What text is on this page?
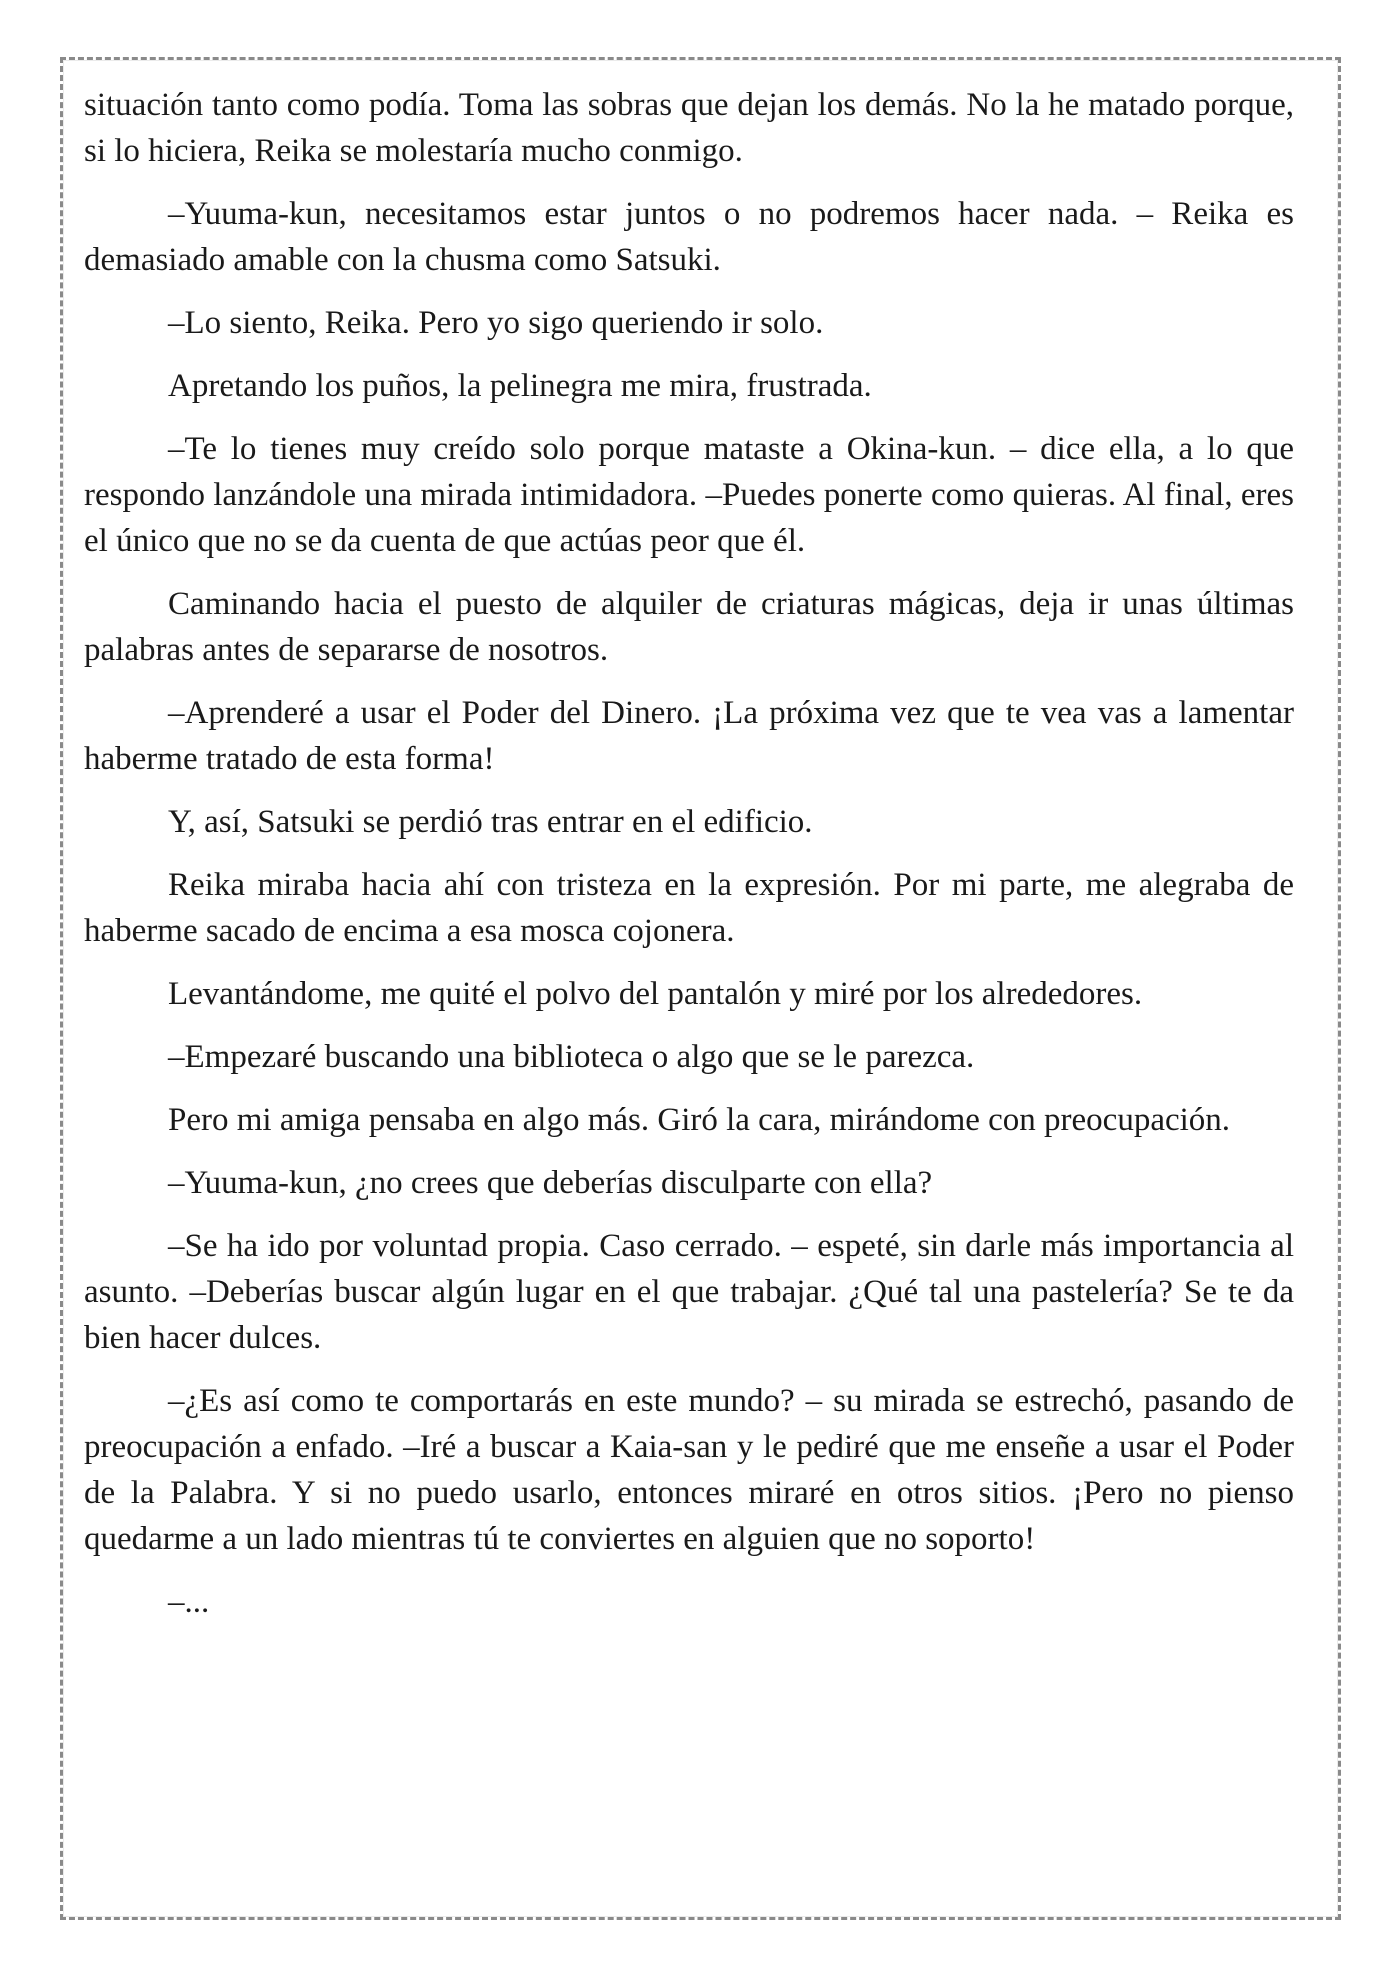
situación tanto como podía. Toma las sobras que dejan los demás. No la he matado porque, si lo hiciera, Reika se molestaría mucho conmigo.

–Yuuma-kun, necesitamos estar juntos o no podremos hacer nada. – Reika es demasiado amable con la chusma como Satsuki.

–Lo siento, Reika. Pero yo sigo queriendo ir solo.

Apretando los puños, la pelinegra me mira, frustrada.

–Te lo tienes muy creído solo porque mataste a Okina-kun. – dice ella, a lo que respondo lanzándole una mirada intimidadora. –Puedes ponerte como quieras. Al final, eres el único que no se da cuenta de que actúas peor que él.

Caminando hacia el puesto de alquiler de criaturas mágicas, deja ir unas últimas palabras antes de separarse de nosotros.

–Aprenderé a usar el Poder del Dinero. ¡La próxima vez que te vea vas a lamentar haberme tratado de esta forma!

Y, así, Satsuki se perdió tras entrar en el edificio.

Reika miraba hacia ahí con tristeza en la expresión. Por mi parte, me alegraba de haberme sacado de encima a esa mosca cojonera.

Levantándome, me quité el polvo del pantalón y miré por los alrededores.

–Empezaré buscando una biblioteca o algo que se le parezca.

Pero mi amiga pensaba en algo más. Giró la cara, mirándome con preocupación.

–Yuuma-kun, ¿no crees que deberías disculparte con ella?

–Se ha ido por voluntad propia. Caso cerrado. – espeté, sin darle más importancia al asunto. –Deberías buscar algún lugar en el que trabajar. ¿Qué tal una pastelería? Se te da bien hacer dulces.

–¿Es así como te comportarás en este mundo? – su mirada se estrechó, pasando de preocupación a enfado. –Iré a buscar a Kaia-san y le pediré que me enseñe a usar el Poder de la Palabra. Y si no puedo usarlo, entonces miraré en otros sitios. ¡Pero no pienso quedarme a un lado mientras tú te conviertes en alguien que no soporto!

–...
